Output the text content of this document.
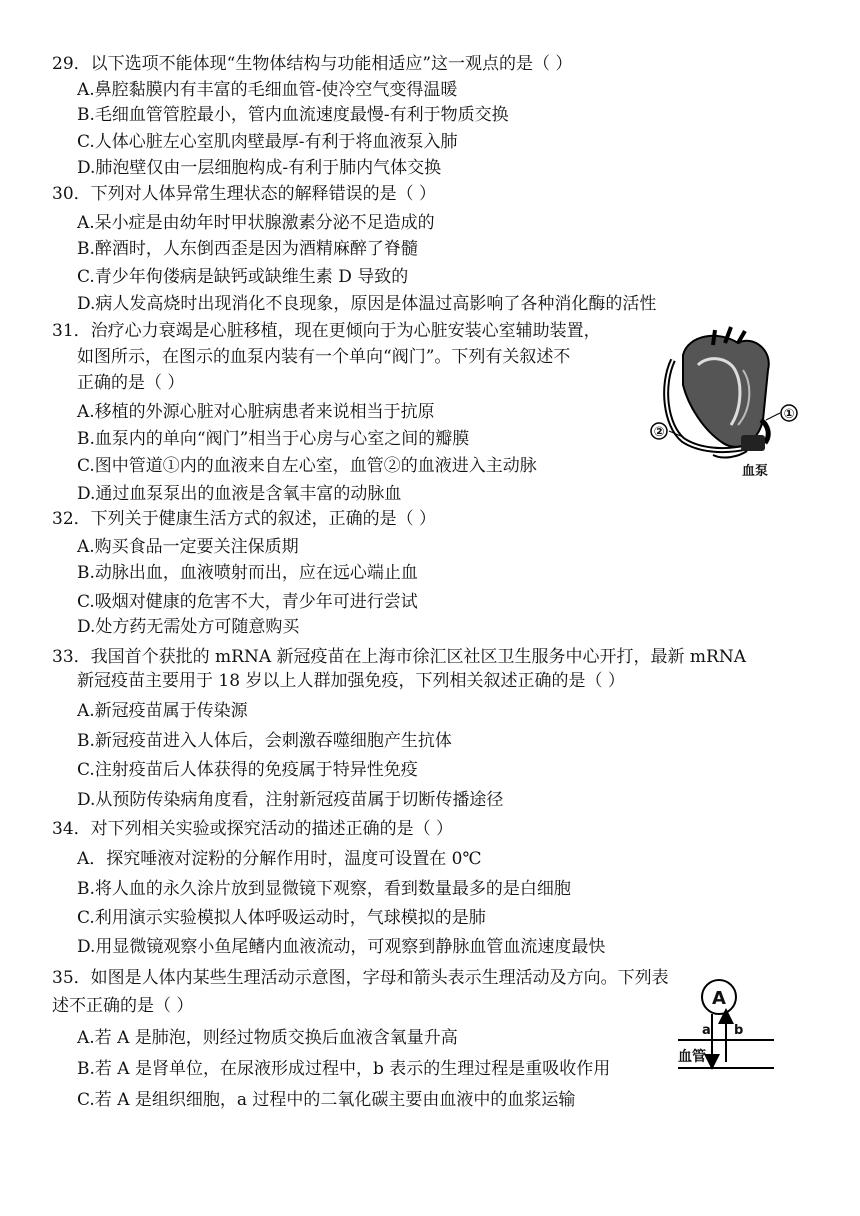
29．以下选项不能体现“生物体结构与功能相适应”这一观点的是（ ）
A.鼻腔黏膜内有丰富的毛细血管-使冷空气变得温暖
B.毛细血管管腔最小，管内血流速度最慢-有利于物质交换
C.人体心脏左心室肌肉壁最厚-有利于将血液泵入肺
D.肺泡壁仅由一层细胞构成-有利于肺内气体交换
30．下列对人体异常生理状态的解释错误的是（ ）
A.呆小症是由幼年时甲状腺激素分泌不足造成的
B.醉酒时，人东倒西歪是因为酒精麻醉了脊髓
C.青少年佝偻病是缺钙或缺维生素 D 导致的
D.病人发高烧时出现消化不良现象，原因是体温过高影响了各种消化酶的活性
31．治疗心力衰竭是心脏移植，现在更倾向于为心脏安装心室辅助装置，
如图所示，在图示的血泵内装有一个单向“阀门”。下列有关叙述不
正确的是（ ）
A.移植的外源心脏对心脏病患者来说相当于抗原
B.血泵内的单向“阀门”相当于心房与心室之间的瓣膜
C.图中管道①内的血液来自左心室，血管②的血液进入主动脉
D.通过血泵泵出的血液是含氧丰富的动脉血
①
②
血泵
32．下列关于健康生活方式的叙述，正确的是（ ）
A.购买食品一定要关注保质期
B.动脉出血，血液喷射而出，应在远心端止血
C.吸烟对健康的危害不大，青少年可进行尝试
D.处方药无需处方可随意购买
33．我国首个获批的 mRNA 新冠疫苗在上海市徐汇区社区卫生服务中心开打，最新 mRNA
新冠疫苗主要用于 18 岁以上人群加强免疫，下列相关叙述正确的是（ ）
A.新冠疫苗属于传染源
B.新冠疫苗进入人体后，会刺激吞噬细胞产生抗体
C.注射疫苗后人体获得的免疫属于特异性免疫
D.从预防传染病角度看，注射新冠疫苗属于切断传播途径
34．对下列相关实验或探究活动的描述正确的是（ ）
A．探究唾液对淀粉的分解作用时，温度可设置在 0℃
B.将人血的永久涂片放到显微镜下观察，看到数量最多的是白细胞
C.利用演示实验模拟人体呼吸运动时，气球模拟的是肺
D.用显微镜观察小鱼尾鳍内血液流动，可观察到静脉血管血流速度最快
35．如图是人体内某些生理活动示意图，字母和箭头表示生理活动及方向。下列表
述不正确的是（ ）
A.若 A 是肺泡，则经过物质交换后血液含氧量升高
B.若 A 是肾单位，在尿液形成过程中，b 表示的生理过程是重吸收作用
C.若 A 是组织细胞，a 过程中的二氧化碳主要由血液中的血浆运输
A
a b
血管
